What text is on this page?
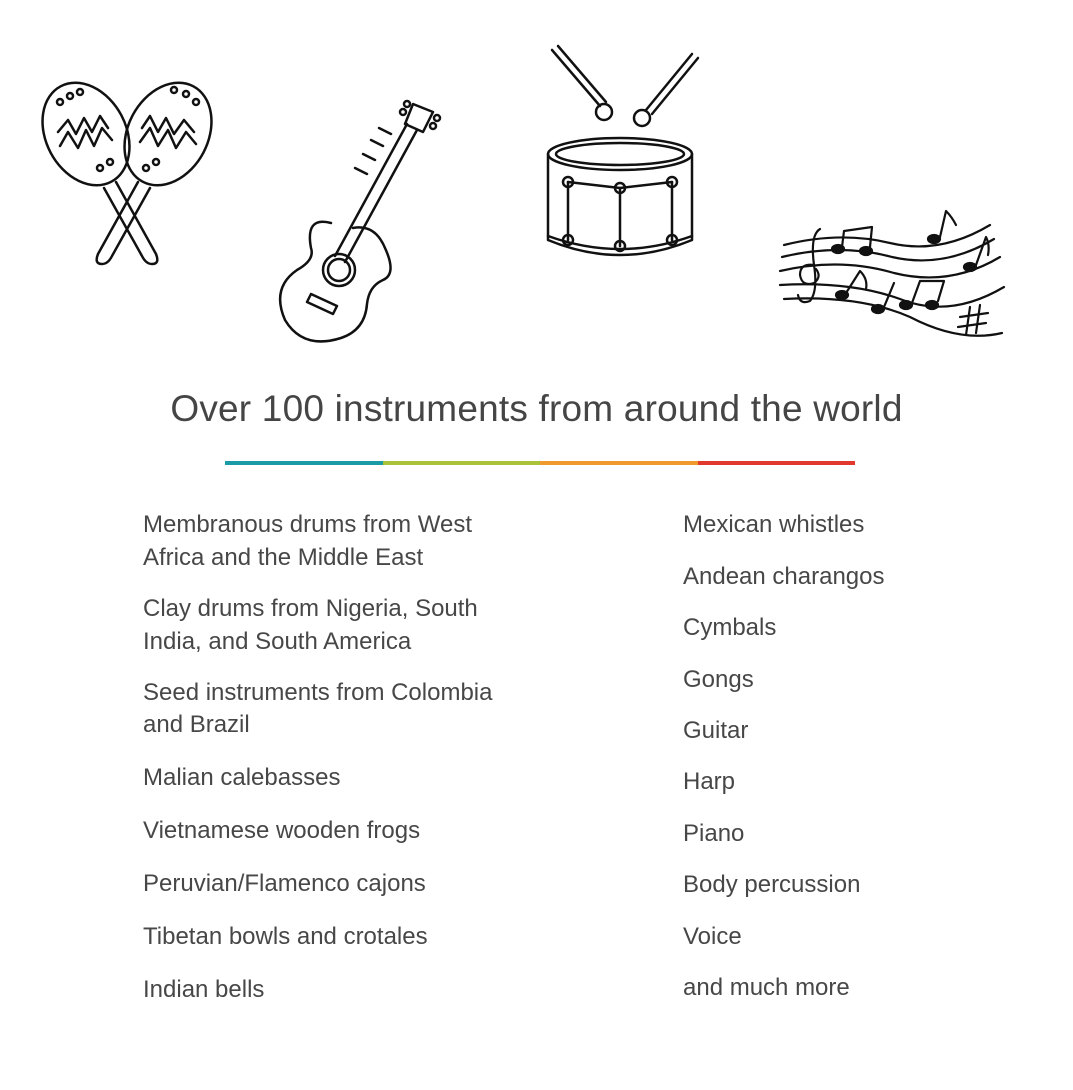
Over 100 instruments from around the world
Membranous drums from West
Africa and the Middle East
Clay drums from Nigeria, South
India, and South America
Seed instruments from Colombia
and Brazil
Malian calebasses
Vietnamese wooden frogs
Peruvian/Flamenco cajons
Tibetan bowls and crotales
Indian bells
Mexican whistles
Andean charangos
Cymbals
Gongs
Guitar
Harp
Piano
Body percussion
Voice
and much more
